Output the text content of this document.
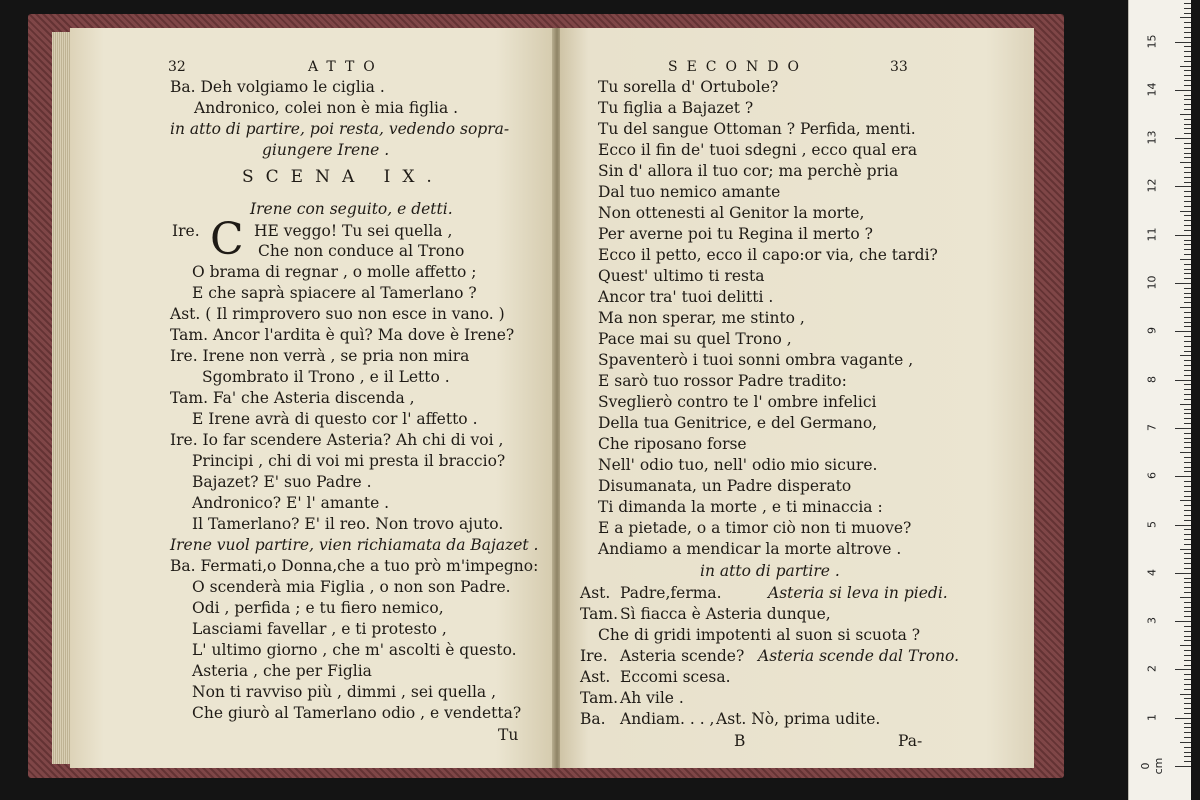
32	ATTO
Ba. Deh volgiamo le ciglia .
Andronico, colei non è mia figlia .
in atto di partire, poi resta, vedendo sopra-
giungere Irene .
SCENA IX.
Irene con seguito, e detti.
Ire. C HE veggo! Tu sei quella ,
Che non conduce al Trono
O brama di regnar , o molle affetto ;
E che saprà spiacere al Tamerlano ?
Ast. ( Il rimprovero suo non esce in vano. )
Tam. Ancor l'ardita è quì? Ma dove è Irene?
Ire. Irene non verrà , se pria non mira
Sgombrato il Trono , e il Letto .
Tam. Fa' che Asteria discenda ,
E Irene avrà di questo cor l' affetto .
Ire. Io far scendere Asteria? Ah chi di voi ,
Principi , chi di voi mi presta il braccio?
Bajazet? E' suo Padre .
Andronico? E' l' amante .
Il Tamerlano? E' il reo. Non trovo ajuto.
Irene vuol partire, vien richiamata da Bajazet .
Ba. Fermati,o Donna,che a tuo prò m'impegno:
O scenderà mia Figlia , o non son Padre.
Odi , perfida ; e tu fiero nemico,
Lasciami favellar , e ti protesto ,
L' ultimo giorno , che m' ascolti è questo.
Asteria , che per Figlia
Non ti ravviso più , dimmi , sei quella ,
Che giurò al Tamerlano odio , e vendetta?
Tu
SECONDO	33
Tu sorella d' Ortubole?
Tu figlia a Bajazet ?
Tu del sangue Ottoman ? Perfida, menti.
Ecco il fin de' tuoi sdegni , ecco qual era
Sin d' allora il tuo cor; ma perchè pria
Dal tuo nemico amante
Non ottenesti al Genitor la morte,
Per averne poi tu Regina il merto ?
Ecco il petto, ecco il capo:or via, che tardi?
Quest' ultimo ti resta
Ancor tra' tuoi delitti .
Ma non sperar, me stinto ,
Pace mai su quel Trono ,
Spaventerò i tuoi sonni ombra vagante ,
E sarò tuo rossor Padre tradito:
Sveglierò contro te l' ombre infelici
Della tua Genitrice, e del Germano,
Che riposano forse
Nell' odio tuo, nell' odio mio sicure.
Disumanata, un Padre disperato
Ti dimanda la morte , e ti minaccia :
E a pietade, o a timor ciò non ti muove?
Andiamo a mendicar la morte altrove .
in atto di partire .
Ast. Padre,ferma.	Asteria si leva in piedi.
Tam. Sì fiacca è Asteria dunque,
Che di gridi impotenti al suon si scuota ?
Ire. Asteria scende? Asteria scende dal Trono.
Ast. Eccomi scesa.
Tam. Ah vile .
Ba. Andiam. . . , Ast. Nò, prima udite.
B	Pa-
0 cm
1
2
3
4
5
6
7
8
9
10
11
12
13
14
15
